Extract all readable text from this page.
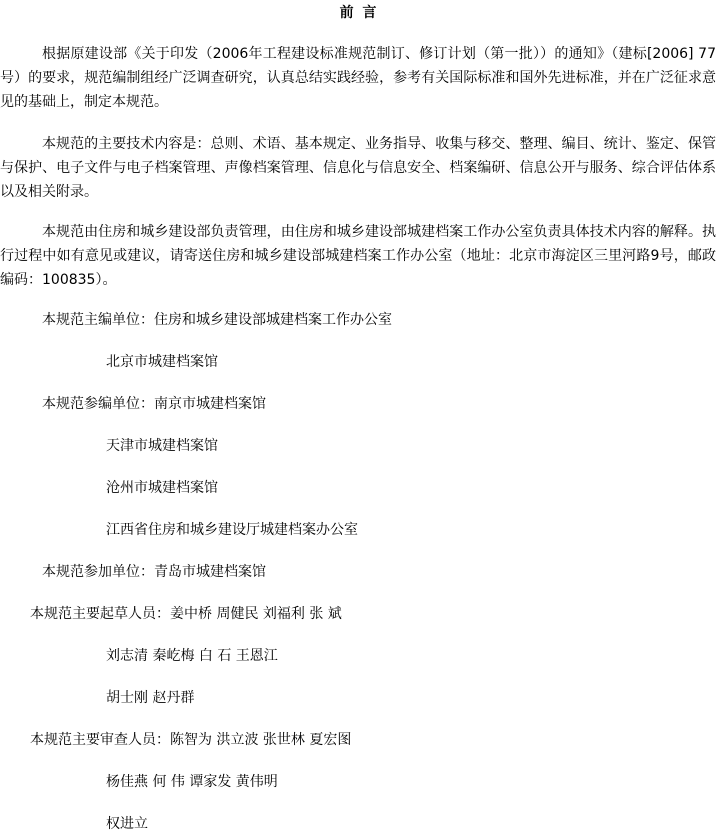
前 言

根据原建设部《关于印发（2006年工程建设标准规范制订、修订计划（第一批））的通知》（建标[2006] 77号）的要求，规范编制组经广泛调查研究，认真总结实践经验，参考有关国际标准和国外先进标准，并在广泛征求意见的基础上，制定本规范。

本规范的主要技术内容是：总则、术语、基本规定、业务指导、收集与移交、整理、编目、统计、鉴定、保管与保护、电子文件与电子档案管理、声像档案管理、信息化与信息安全、档案编研、信息公开与服务、综合评估体系以及相关附录。

本规范由住房和城乡建设部负责管理，由住房和城乡建设部城建档案工作办公室负责具体技术内容的解释。执行过程中如有意见或建议，请寄送住房和城乡建设部城建档案工作办公室（地址：北京市海淀区三里河路9号，邮政编码：100835）。

本规范主编单位：住房和城乡建设部城建档案工作办公室
北京市城建档案馆
本规范参编单位：南京市城建档案馆
天津市城建档案馆
沧州市城建档案馆
江西省住房和城乡建设厅城建档案办公室
本规范参加单位：青岛市城建档案馆
本规范主要起草人员：姜中桥 周健民 刘福利 张 斌
刘志清 秦屹梅 白 石 王恩江
胡士刚 赵丹群
本规范主要审查人员：陈智为 洪立波 张世林 夏宏图
杨佳燕 何 伟 谭家发 黄伟明
权进立
